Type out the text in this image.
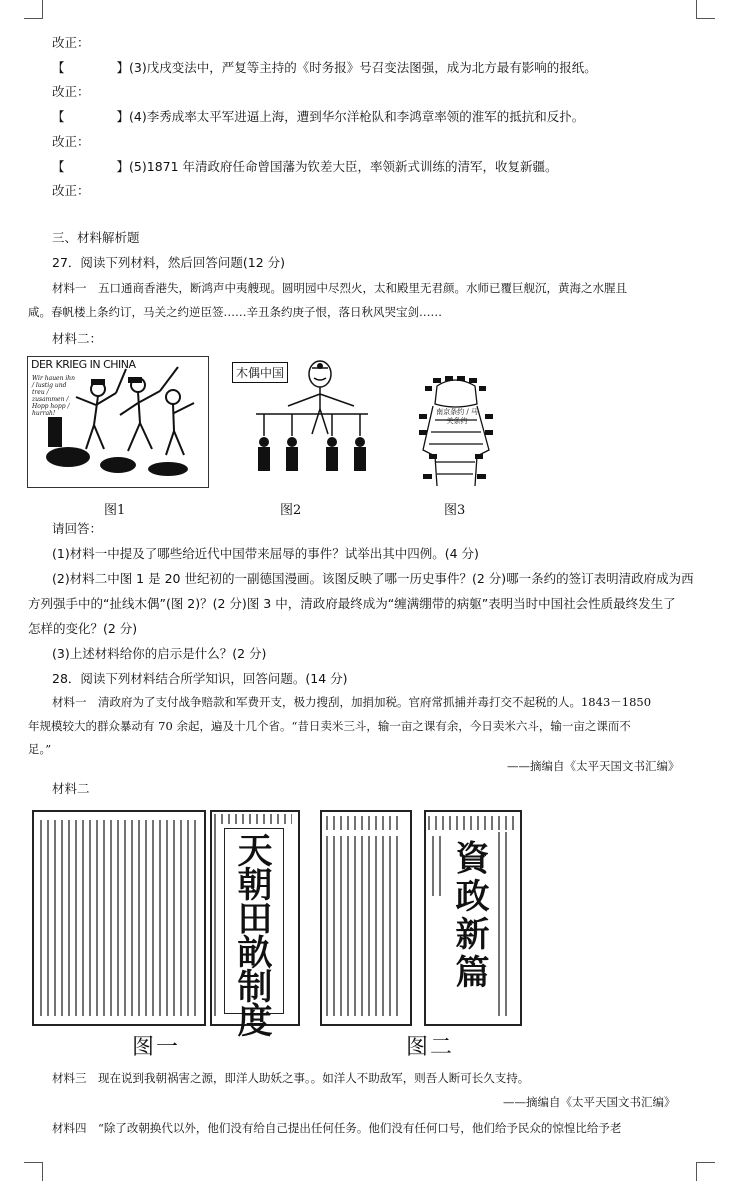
改正：
【	】(3)戊戌变法中，严复等主持的《时务报》号召变法图强，成为北方最有影响的报纸。
改正：
【	】(4)李秀成率太平军进逼上海，遭到华尔洋枪队和李鸿章率领的淮军的抵抗和反扑。
改正：
【	】(5)1871 年清政府任命曾国藩为钦差大臣，率领新式训练的清军，收复新疆。
改正：
三、材料解析题
27．阅读下列材料，然后回答问题(12 分)
材料一　五口通商香港失，断鸿声中夷艘现。圆明园中尽烈火，太和殿里无君颜。水师已覆巨舰沉，黄海之水腥且
咸。春帆楼上条约订，马关之约逆臣签……辛丑条约庚子恨，落日秋风哭宝剑……
材料二：
DER KRIEG IN CHINA
Wir hauen ihn / lustig und treu / zusammen / Hopp hopp / hurrah!
木偶中国
南京条约 / 马关条约
图1	图2	图3
请回答：
(1)材料一中提及了哪些给近代中国带来屈辱的事件？试举出其中四例。(4 分)
(2)材料二中图 1 是 20 世纪初的一副德国漫画。该图反映了哪一历史事件？(2 分)哪一条约的签订表明清政府成为西
方列强手中的“扯线木偶”(图 2)？(2 分)图 3 中，清政府最终成为“缠满绷带的病躯”表明当时中国社会性质最终发生了
怎样的变化？(2 分)
(3)上述材料给你的启示是什么？(2 分)
28．阅读下列材料结合所学知识，回答问题。(14 分)
材料一　清政府为了支付战争赔款和军费开支，极力搜刮，加捐加税。官府常抓捕并毒打交不起税的人。1843－1850
年规模较大的群众暴动有 70 余起，遍及十几个省。“昔日卖米三斗，输一亩之课有余，今日卖米六斗，输一亩之课而不
足。”
——摘编自《太平天国文书汇编》
材料二
天朝田畝制度	資政新篇
图一	图二
材料三　现在说到我朝祸害之源，即洋人助妖之事。。如洋人不助敌军，则吾人断可长久支持。
——摘编自《太平天国文书汇编》
材料四　“除了改朝换代以外，他们没有给自己提出任何任务。他们没有任何口号，他们给予民众的惊惶比给予老
